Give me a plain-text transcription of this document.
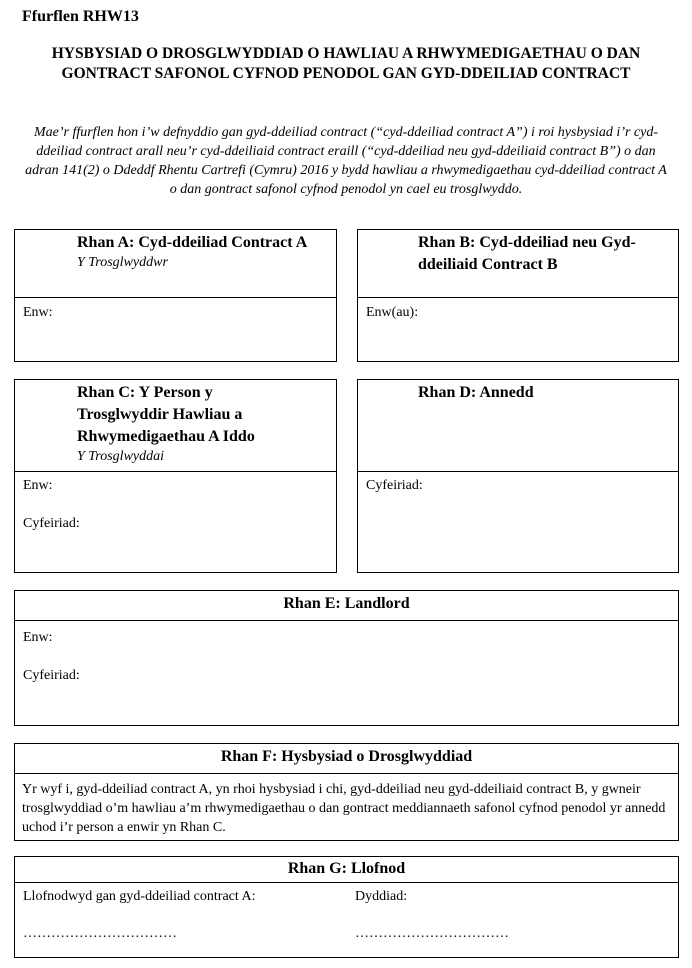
Ffurflen RHW13
HYSBYSIAD O DROSGLWYDDIAD O HAWLIAU A RHWYMEDIGAETHAU O DAN GONTRACT SAFONOL CYFNOD PENODOL GAN GYD-DDEILIAD CONTRACT
Mae’r ffurflen hon i’w defnyddio gan gyd-ddeiliad contract (“cyd-ddeiliad contract A”) i roi hysbysiad i’r cyd-ddeiliad contract arall neu’r cyd-ddeiliaid contract eraill (“cyd-ddeiliad neu gyd-ddeiliaid contract B”) o dan adran 141(2) o Ddeddf Rhentu Cartrefi (Cymru) 2016 y bydd hawliau a rhwymedigaethau cyd-ddeiliad contract A o dan gontract safonol cyfnod penodol yn cael eu trosglwyddo.
Rhan A: Cyd-ddeiliad Contract A
Y Trosglwyddwr
Enw:
Rhan B: Cyd-ddeiliad neu Gyd-ddeiliaid Contract B
Enw(au):
Rhan C: Y Person y Trosglwyddir Hawliau a Rhwymedigaethau A Iddo
Y Trosglwyddai
Enw:
Cyfeiriad:
Rhan D: Annedd
Cyfeiriad:
Rhan E: Landlord
Enw:
Cyfeiriad:
Rhan F: Hysbysiad o Drosglwyddiad
Yr wyf i, gyd-ddeiliad contract A, yn rhoi hysbysiad i chi, gyd-ddeiliad neu gyd-ddeiliaid contract B, y gwneir trosglwyddiad o’m hawliau a’m rhwymedigaethau o dan gontract meddiannaeth safonol cyfnod penodol yr annedd uchod i’r person a enwir yn Rhan C.
Rhan G: Llofnod
Llofnodwyd gan gyd-ddeiliad contract A:	Dyddiad:
……………………………	……………………………
